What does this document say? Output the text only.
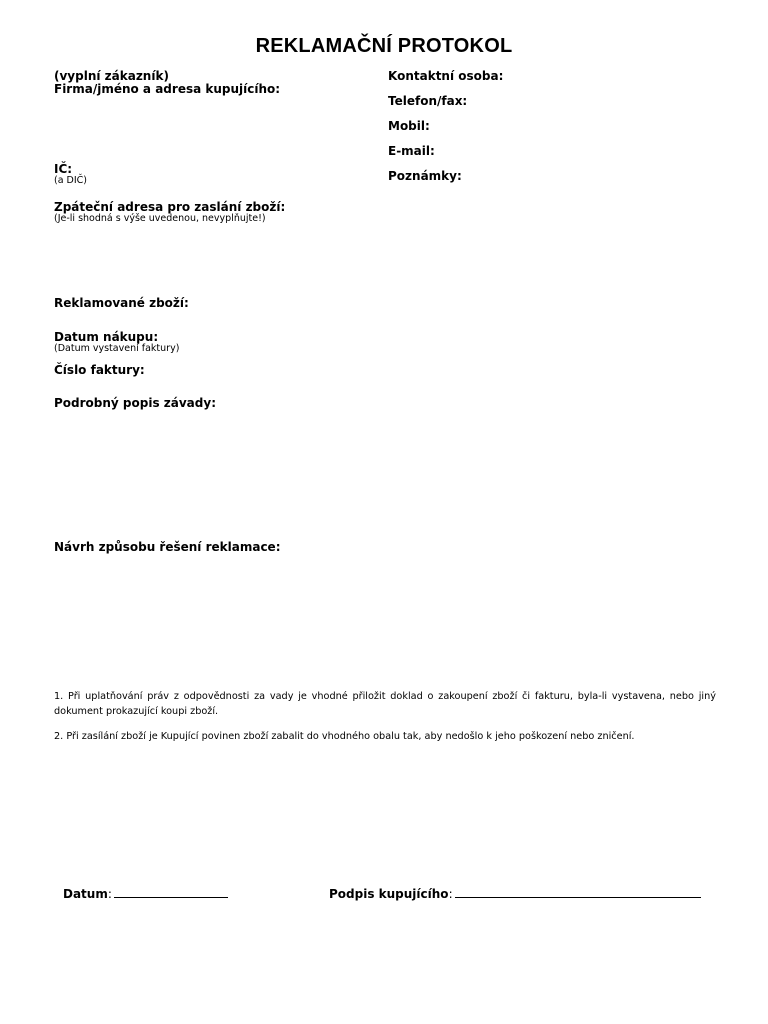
REKLAMAČNÍ PROTOKOL
(vyplní zákazník)
Firma/jméno a adresa kupujícího:
IČ:
(a DIČ)
Zpáteční adresa pro zaslání zboží:
(Je-li shodná s výše uvedenou, nevyplňujte!)
Reklamované zboží:
Datum nákupu:
(Datum vystavení faktury)
Číslo faktury:
Podrobný popis závady:
Návrh způsobu řešení reklamace:
Kontaktní osoba:
Telefon/fax:
Mobil:
E-mail:
Poznámky:
1. Při uplatňování práv z odpovědnosti za vady je vhodné přiložit doklad o zakoupení zboží či fakturu, byla-li vystavena, nebo jiný dokument prokazující koupi zboží.
2. Při zasílání zboží je Kupující povinen zboží zabalit do vhodného obalu tak, aby nedošlo k jeho poškození nebo zničení.
Datum:	Podpis kupujícího:
